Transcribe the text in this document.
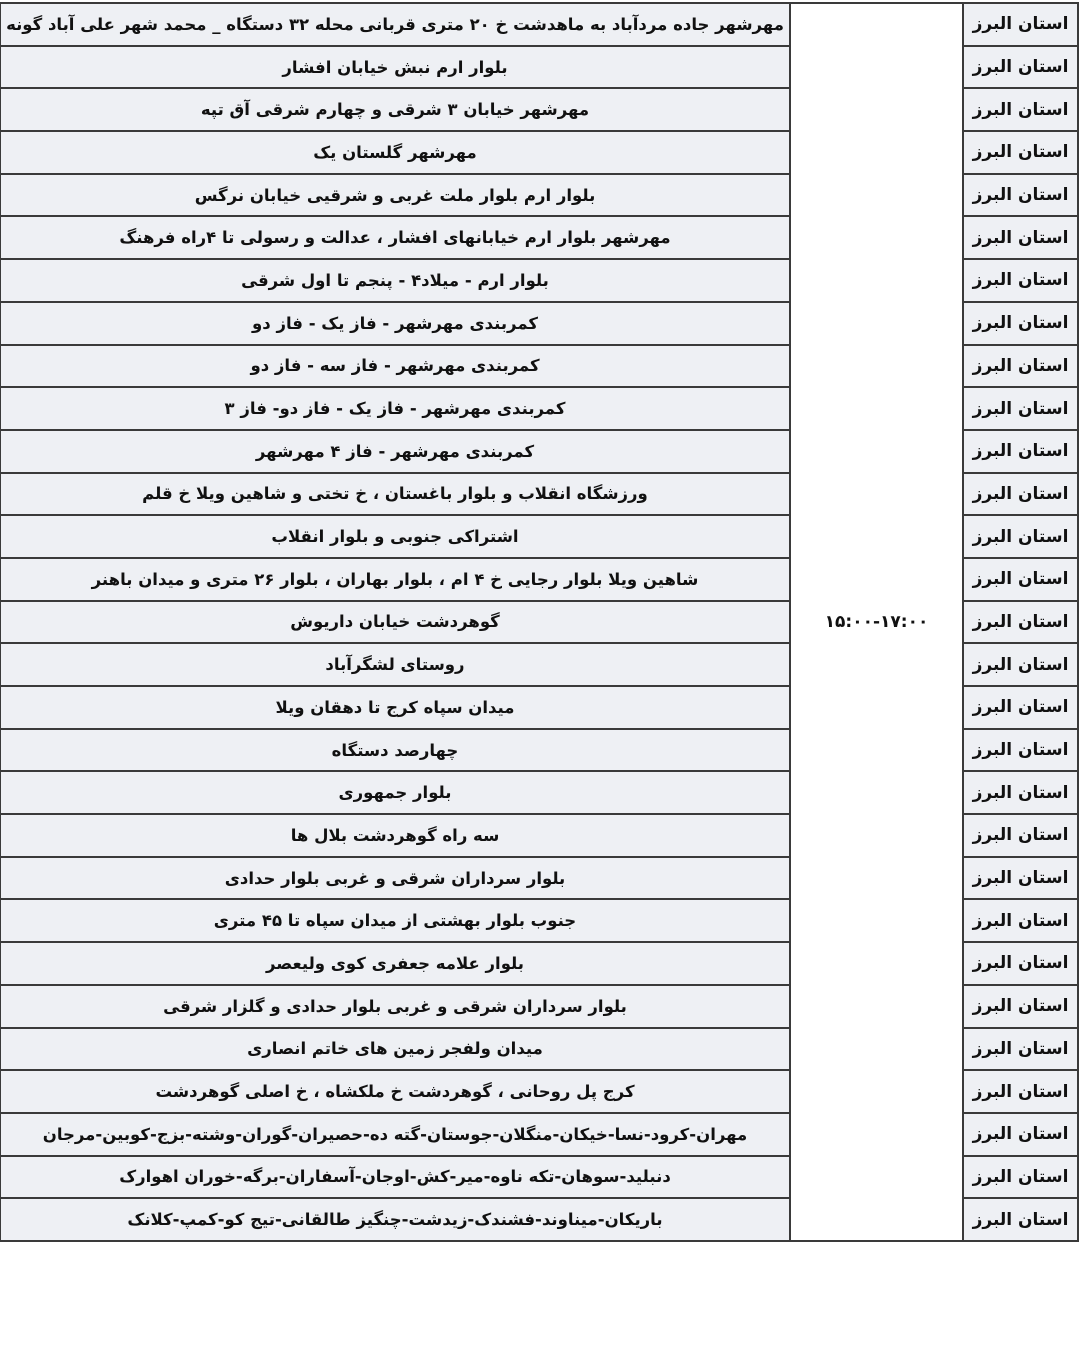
استان البرز	۱۵:۰۰-۱۷:۰۰	مهرشهر جاده مردآباد به ماهدشت خ ۲۰ متری قربانی محله ۳۲ دستگاه _ محمد شهر علی آباد گونه
استان البرز		بلوار ارم نبش خیابان افشار
استان البرز		مهرشهر خیابان ۳ شرقی و چهارم شرقی آق تپه
استان البرز		مهرشهر گلستان یک
استان البرز		بلوار ارم بلوار ملت غربی و شرقیی خیابان نرگس
استان البرز		مهرشهر بلوار ارم خیابانهای افشار ، عدالت و رسولی تا ۴راه فرهنگ
استان البرز		بلوار ارم - میلاد۴ - پنجم تا اول شرقی
استان البرز		کمربندی مهرشهر - فاز یک - فاز دو
استان البرز		کمربندی مهرشهر - فاز سه - فاز دو
استان البرز		کمربندی مهرشهر - فاز یک - فاز دو- فاز ۳
استان البرز		کمربندی مهرشهر - فاز ۴ مهرشهر
استان البرز		ورزشگاه انقلاب و بلوار باغستان ، خ تختی و شاهین ویلا خ قلم
استان البرز		اشتراکی جنوبی و بلوار انقلاب
استان البرز		شاهین ویلا بلوار رجایی خ ۴ ام ، بلوار بهاران ، بلوار ۲۶ متری و میدان باهنر
استان البرز		گوهردشت خیابان داریوش
استان البرز		روستای لشگرآباد
استان البرز		میدان سپاه کرج تا دهقان ویلا
استان البرز		چهارصد دستگاه
استان البرز		بلوار جمهوری
استان البرز		سه راه گوهردشت بلال ها
استان البرز		بلوار سرداران شرقی و غربی بلوار حدادی
استان البرز		جنوب بلوار بهشتی از میدان سپاه تا ۴۵ متری
استان البرز		بلوار علامه جعفری کوی ولیعصر
استان البرز		بلوار سرداران شرقی و غربی بلوار حدادی و گلزار شرقی
استان البرز		میدان ولفجر زمین های خاتم انصاری
استان البرز		کرج پل روحانی ، گوهردشت خ ملکشاه ، خ اصلی گوهردشت
استان البرز		مهران-کرود-نسا-خیکان-منگلان-جوستان-گته ده-حصیران-گوران-وشته-بزج-کوبین-مرجان
استان البرز		دنبلید-سوهان-تکه ناوه-میر-کش-اوجان-آسفاران-برگه-خوران اهوارک
استان البرز		باریکان-میناوند-فشندک-زیدشت-چنگیز طالقانی-تیج کو-کمپ-کلانک
